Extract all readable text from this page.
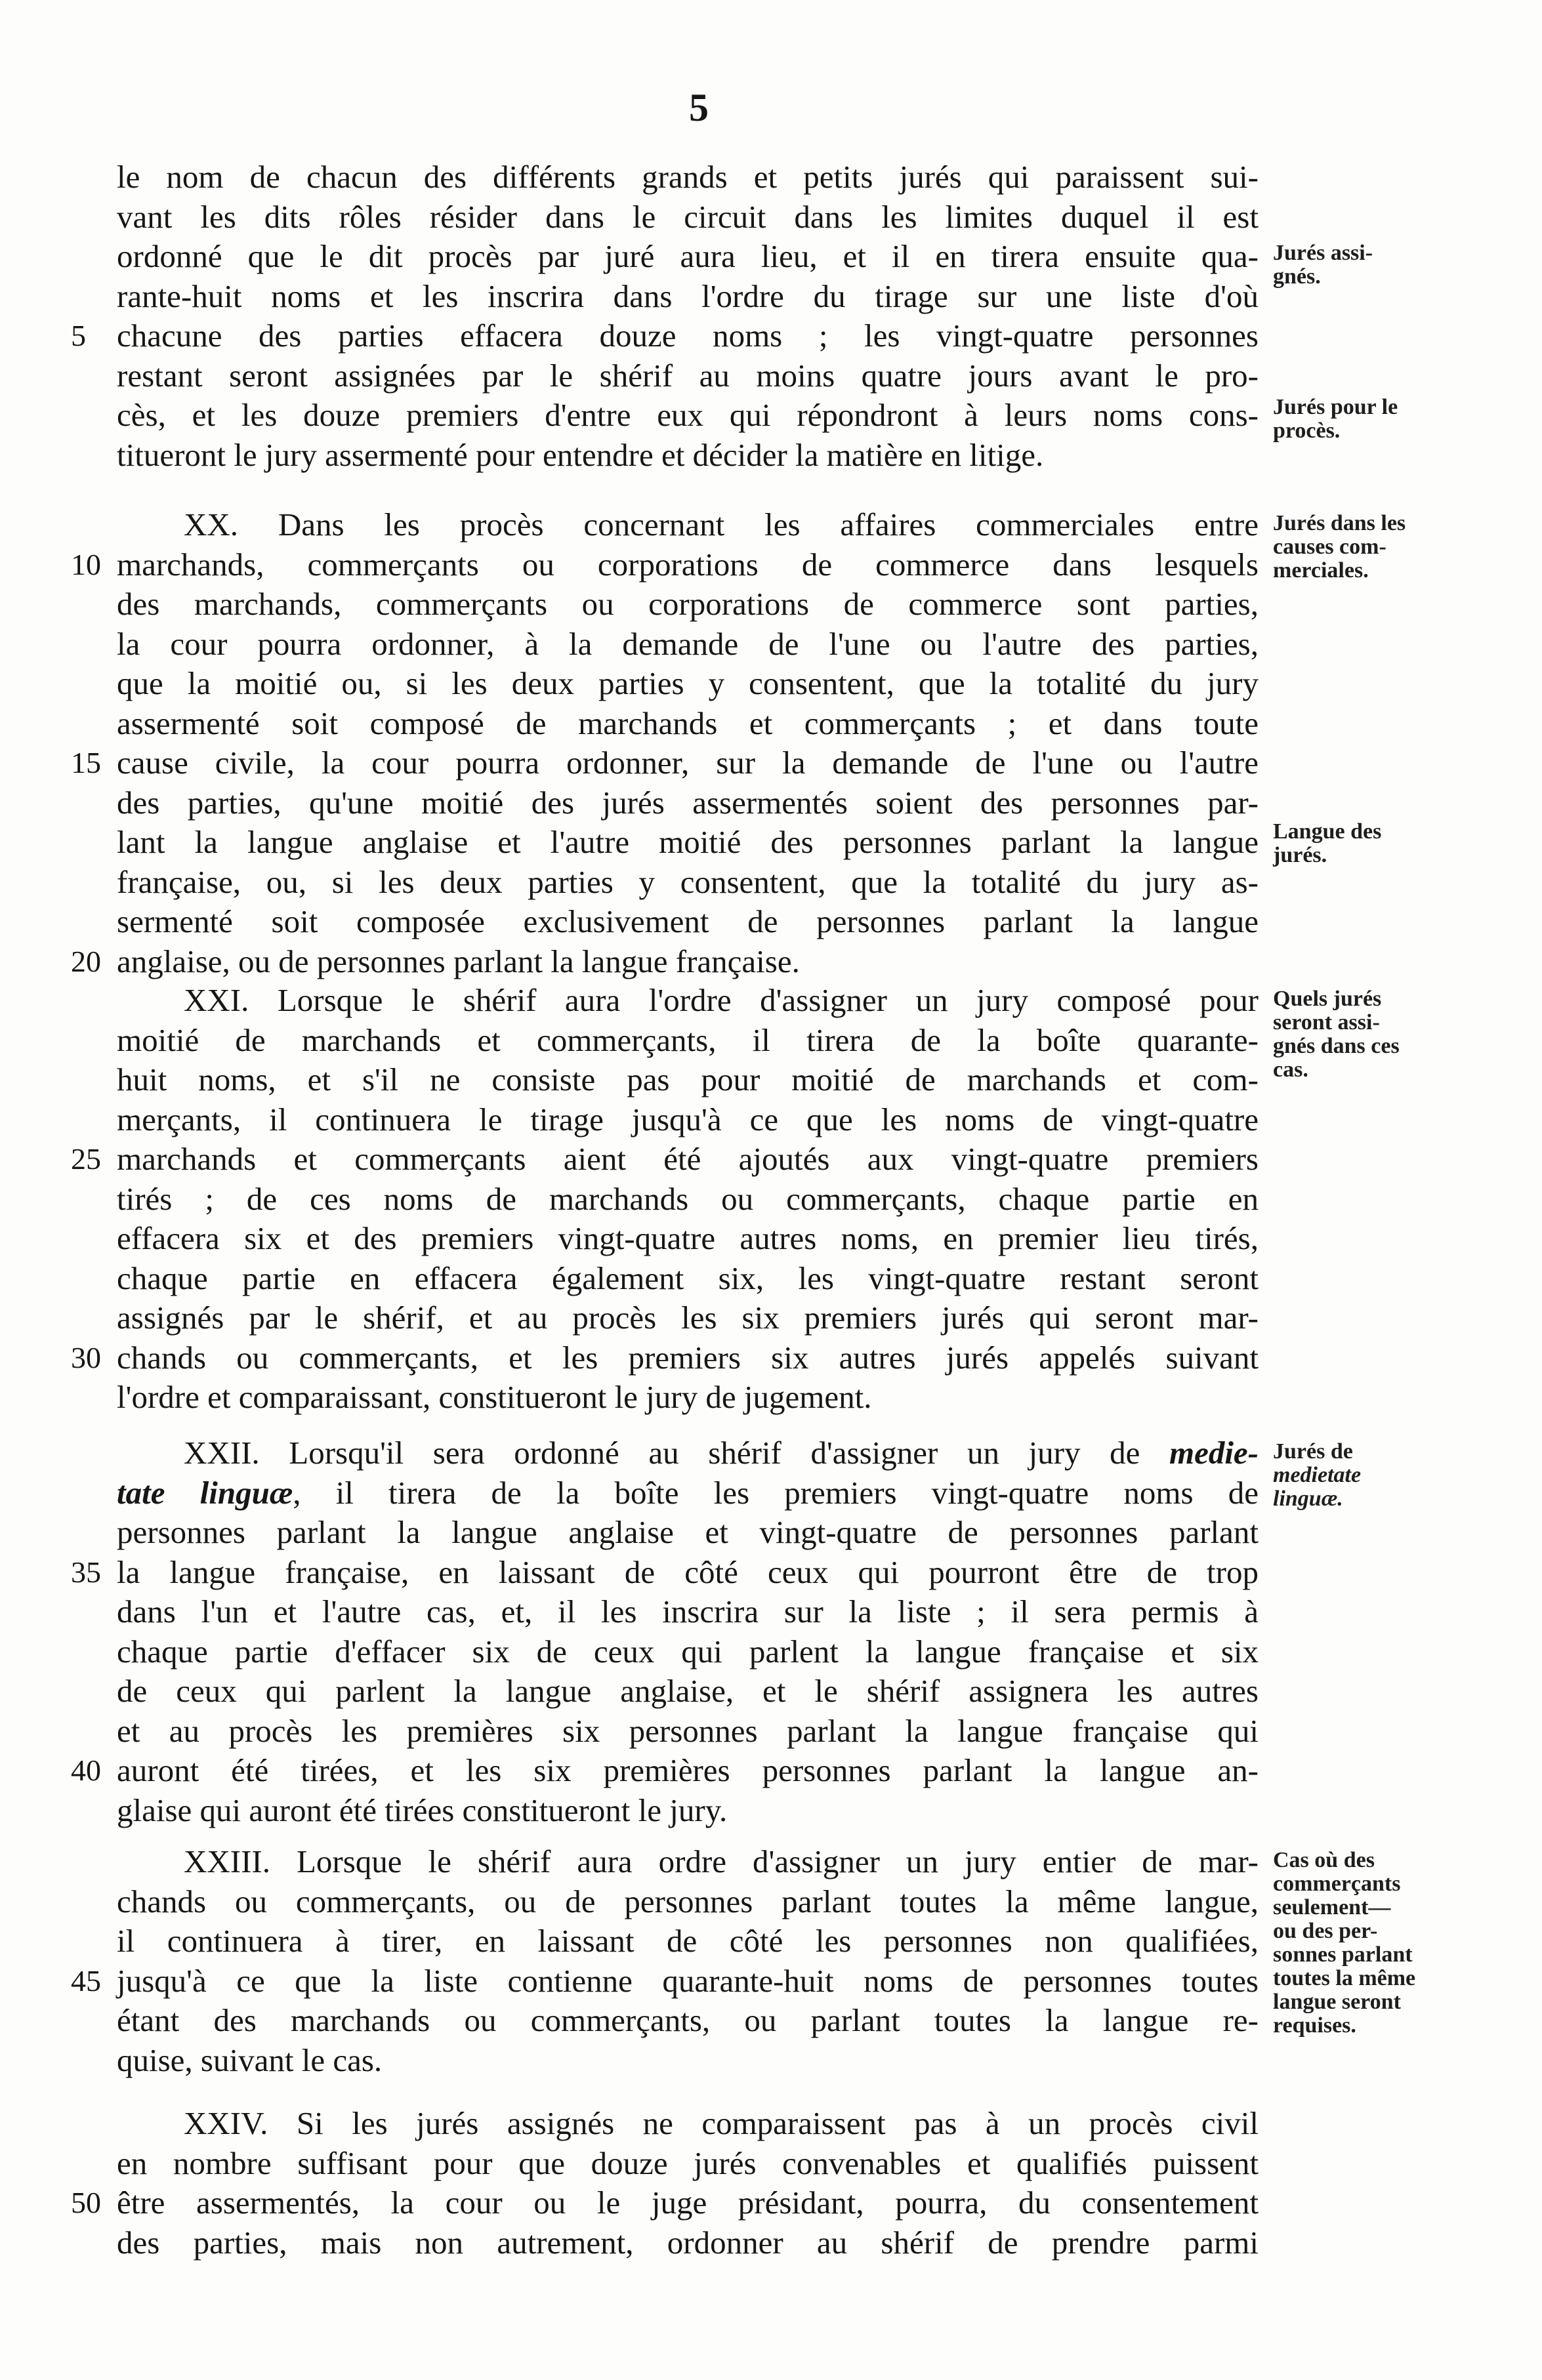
5
le nom de chacun des différents grands et petits jurés qui paraissent sui-
vant les dits rôles résider dans le circuit dans les limites duquel il est
ordonné que le dit procès par juré aura lieu, et il en tirera ensuite qua-
rante-huit noms et les inscrira dans l'ordre du tirage sur une liste d'où
chacune des parties effacera douze noms ; les vingt-quatre personnes
5
restant seront assignées par le shérif au moins quatre jours avant le pro-
cès, et les douze premiers d'entre eux qui répondront à leurs noms cons-
titueront le jury assermenté pour entendre et décider la matière en litige.
XX. Dans les procès concernant les affaires commerciales entre
marchands, commerçants ou corporations de commerce dans lesquels
10
des marchands, commerçants ou corporations de commerce sont parties,
la cour pourra ordonner, à la demande de l'une ou l'autre des parties,
que la moitié ou, si les deux parties y consentent, que la totalité du jury
assermenté soit composé de marchands et commerçants ; et dans toute
cause civile, la cour pourra ordonner, sur la demande de l'une ou l'autre
15
des parties, qu'une moitié des jurés assermentés soient des personnes par-
lant la langue anglaise et l'autre moitié des personnes parlant la langue
française, ou, si les deux parties y consentent, que la totalité du jury as-
sermenté soit composée exclusivement de personnes parlant la langue
anglaise, ou de personnes parlant la langue française.
20
XXI. Lorsque le shérif aura l'ordre d'assigner un jury composé pour
moitié de marchands et commerçants, il tirera de la boîte quarante-
huit noms, et s'il ne consiste pas pour moitié de marchands et com-
merçants, il continuera le tirage jusqu'à ce que les noms de vingt-quatre
marchands et commerçants aient été ajoutés aux vingt-quatre premiers
25
tirés ; de ces noms de marchands ou commerçants, chaque partie en
effacera six et des premiers vingt-quatre autres noms, en premier lieu tirés,
chaque partie en effacera également six, les vingt-quatre restant seront
assignés par le shérif, et au procès les six premiers jurés qui seront mar-
chands ou commerçants, et les premiers six autres jurés appelés suivant
30
l'ordre et comparaissant, constitueront le jury de jugement.
XXII. Lorsqu'il sera ordonné au shérif d'assigner un jury de medie-
tate linguæ, il tirera de la boîte les premiers vingt-quatre noms de
personnes parlant la langue anglaise et vingt-quatre de personnes parlant
la langue française, en laissant de côté ceux qui pourront être de trop
35
dans l'un et l'autre cas, et, il les inscrira sur la liste ; il sera permis à
chaque partie d'effacer six de ceux qui parlent la langue française et six
de ceux qui parlent la langue anglaise, et le shérif assignera les autres
et au procès les premières six personnes parlant la langue française qui
auront été tirées, et les six premières personnes parlant la langue an-
40
glaise qui auront été tirées constitueront le jury.
XXIII. Lorsque le shérif aura ordre d'assigner un jury entier de mar-
chands ou commerçants, ou de personnes parlant toutes la même langue,
il continuera à tirer, en laissant de côté les personnes non qualifiées,
jusqu'à ce que la liste contienne quarante-huit noms de personnes toutes
45
étant des marchands ou commerçants, ou parlant toutes la langue re-
quise, suivant le cas.
XXIV. Si les jurés assignés ne comparaissent pas à un procès civil
en nombre suffisant pour que douze jurés convenables et qualifiés puissent
être assermentés, la cour ou le juge présidant, pourra, du consentement
50
des parties, mais non autrement, ordonner au shérif de prendre parmi
Jurés assi-
gnés.
Jurés pour le
procès.
Jurés dans les
causes com-
merciales.
Langue des
jurés.
Quels jurés
seront assi-
gnés dans ces
cas.
Jurés de
medietate
linguæ.
Cas où des
commerçants
seulement—
ou des per-
sonnes parlant
toutes la même
langue seront
requises.
